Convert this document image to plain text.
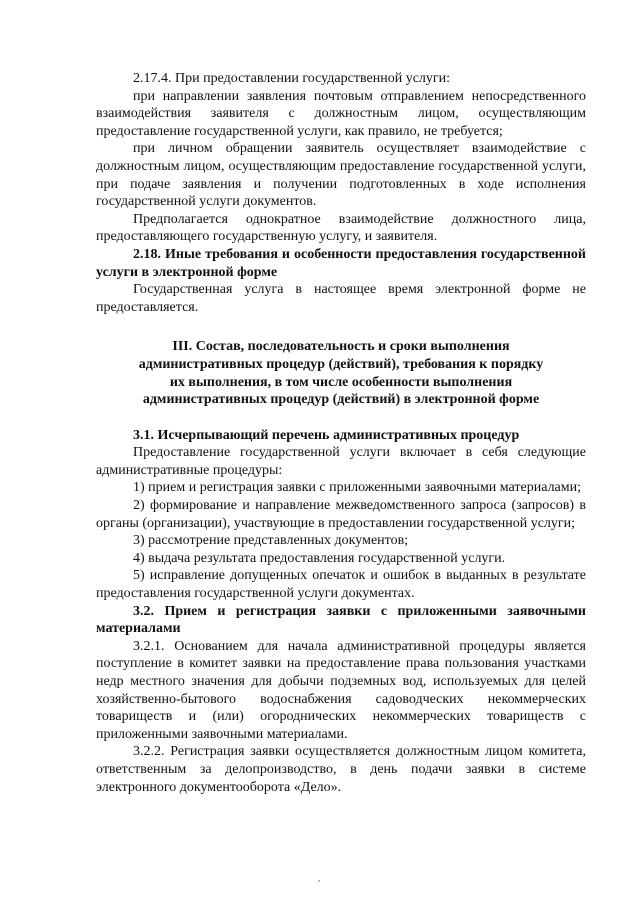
2.17.4. При предоставлении государственной услуги:

при направлении заявления почтовым отправлением непосредственного взаимодействия заявителя с должностным лицом, осуществляющим предоставление государственной услуги, как правило, не требуется;

при личном обращении заявитель осуществляет взаимодействие с должностным лицом, осуществляющим предоставление государственной услуги, при подаче заявления и получении подготовленных в ходе исполнения государственной услуги документов.

Предполагается однократное взаимодействие должностного лица, предоставляющего государственную услугу, и заявителя.

2.18. Иные требования и особенности предоставления государственной услуги в электронной форме

Государственная услуга в настоящее время электронной форме не предоставляется.

III. Состав, последовательность и сроки выполнения
административных процедур (действий), требования к порядку
их выполнения, в том числе особенности выполнения
административных процедур (действий) в электронной форме

3.1. Исчерпывающий перечень административных процедур

Предоставление государственной услуги включает в себя следующие административные процедуры:

1) прием и регистрация заявки с приложенными заявочными материалами;

2) формирование и направление межведомственного запроса (запросов) в органы (организации), участвующие в предоставлении государственной услуги;

3) рассмотрение представленных документов;

4) выдача результата предоставления государственной услуги.

5) исправление допущенных опечаток и ошибок в выданных в результате предоставления государственной услуги документах.

3.2. Прием и регистрация заявки с приложенными заявочными материалами

3.2.1. Основанием для начала административной процедуры является поступление в комитет заявки на предоставление права пользования участками недр местного значения для добычи подземных вод, используемых для целей хозяйственно-бытового водоснабжения садоводческих некоммерческих товариществ и (или) огороднических некоммерческих товариществ с приложенными заявочными материалами.

3.2.2. Регистрация заявки осуществляется должностным лицом комитета, ответственным за делопроизводство, в день подачи заявки в системе электронного документооборота «Дело».
